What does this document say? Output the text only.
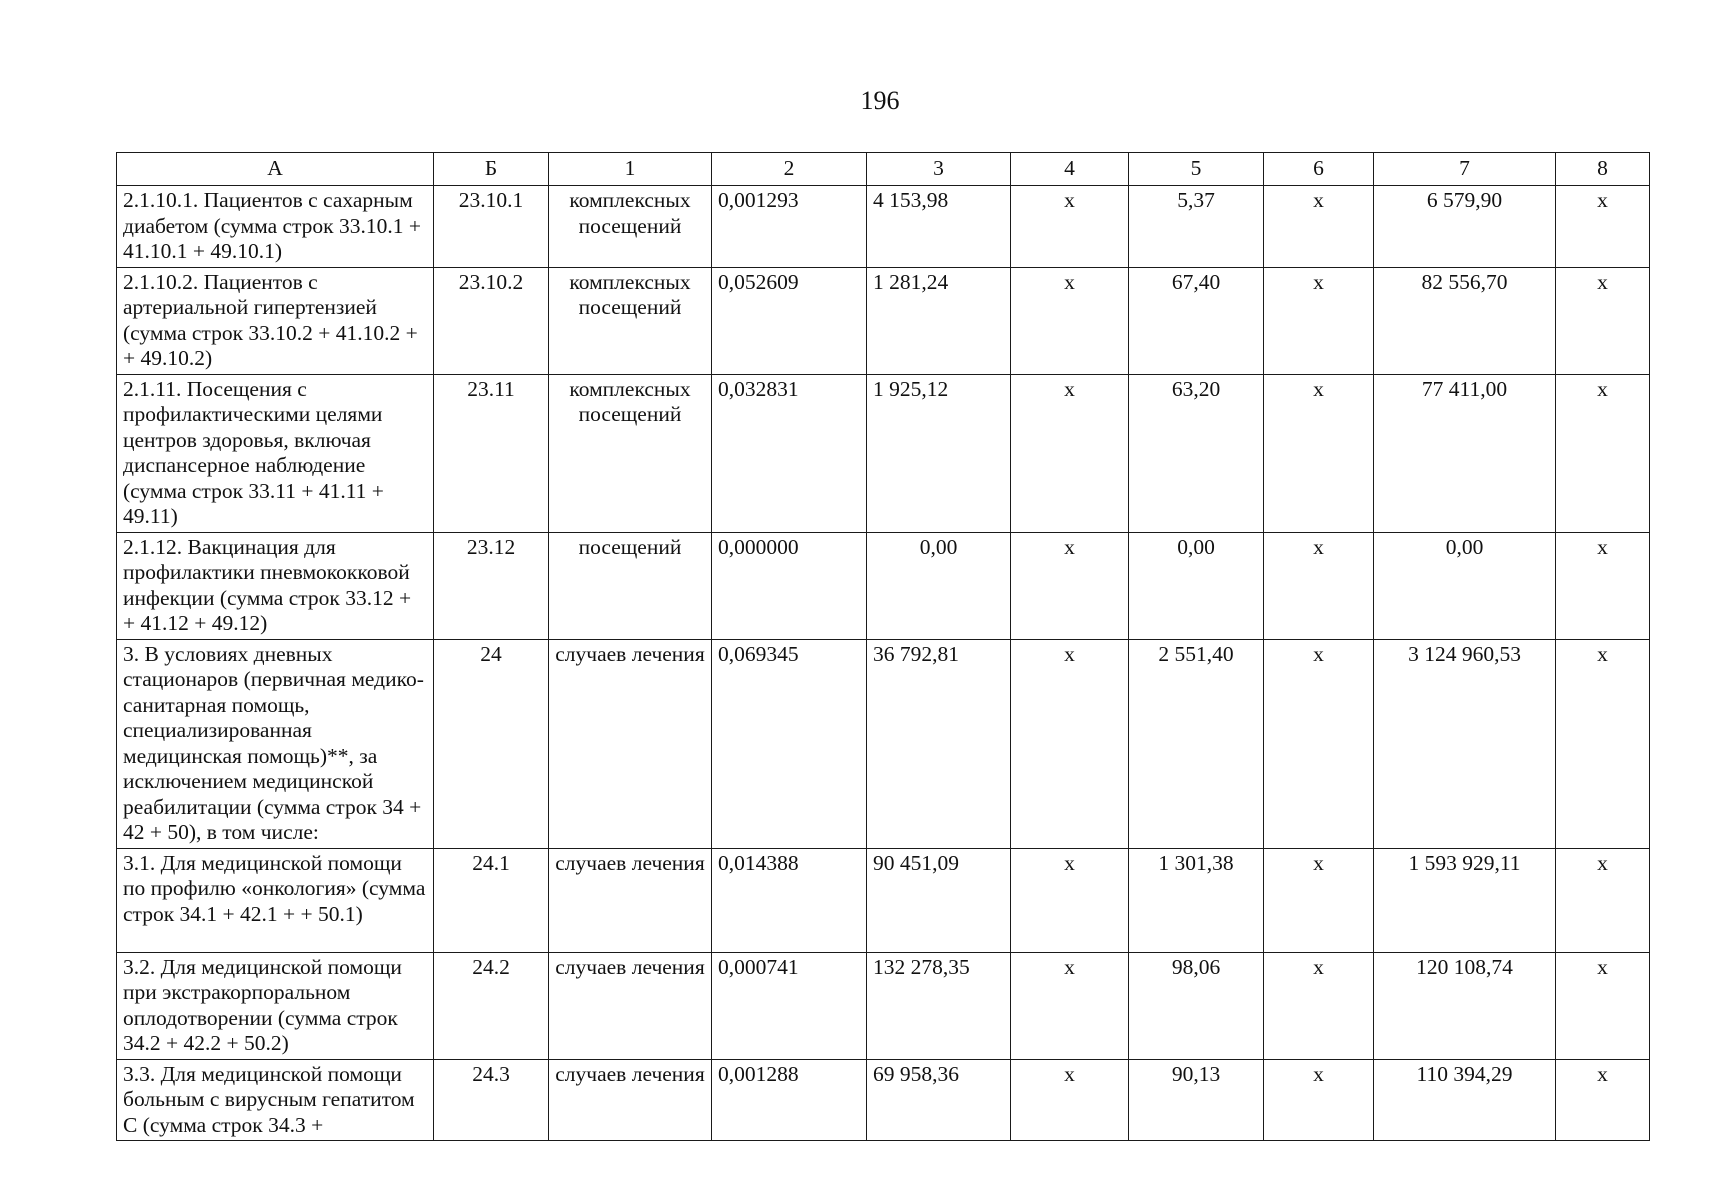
196
А	Б	1	2	3	4	5	6	7	8
2.1.10.1. Пациентов с сахарным диабетом (сумма строк 33.10.1 + 41.10.1 + 49.10.1)	23.10.1	комплексных посещений	0,001293	4 153,98	х	5,37	х	6 579,90	х
2.1.10.2. Пациентов с артериальной гипертензией (сумма строк 33.10.2 + 41.10.2 + + 49.10.2)	23.10.2	комплексных посещений	0,052609	1 281,24	х	67,40	х	82 556,70	х
2.1.11. Посещения с профилактическими целями центров здоровья, включая диспансерное наблюдение (сумма строк 33.11 + 41.11 + 49.11)	23.11	комплексных посещений	0,032831	1 925,12	х	63,20	х	77 411,00	х
2.1.12. Вакцинация для профилактики пневмококковой инфекции (сумма строк 33.12 + + 41.12 + 49.12)	23.12	посещений	0,000000	0,00	х	0,00	х	0,00	х
3. В условиях дневных стационаров (первичная медико-санитарная помощь, специализированная медицинская помощь)**, за исключением медицинской реабилитации (сумма строк 34 + 42 + 50), в том числе:	24	случаев лечения	0,069345	36 792,81	х	2 551,40	х	3 124 960,53	х
3.1. Для медицинской помощи по профилю «онкология» (сумма строк 34.1 + 42.1 + + 50.1)	24.1	случаев лечения	0,014388	90 451,09	х	1 301,38	х	1 593 929,11	х
3.2. Для медицинской помощи при экстракорпоральном оплодотворении (сумма строк 34.2 + 42.2 + 50.2)	24.2	случаев лечения	0,000741	132 278,35	х	98,06	х	120 108,74	х
3.3. Для медицинской помощи больным с вирусным гепатитом С (сумма строк 34.3 +	24.3	случаев лечения	0,001288	69 958,36	х	90,13	х	110 394,29	х
